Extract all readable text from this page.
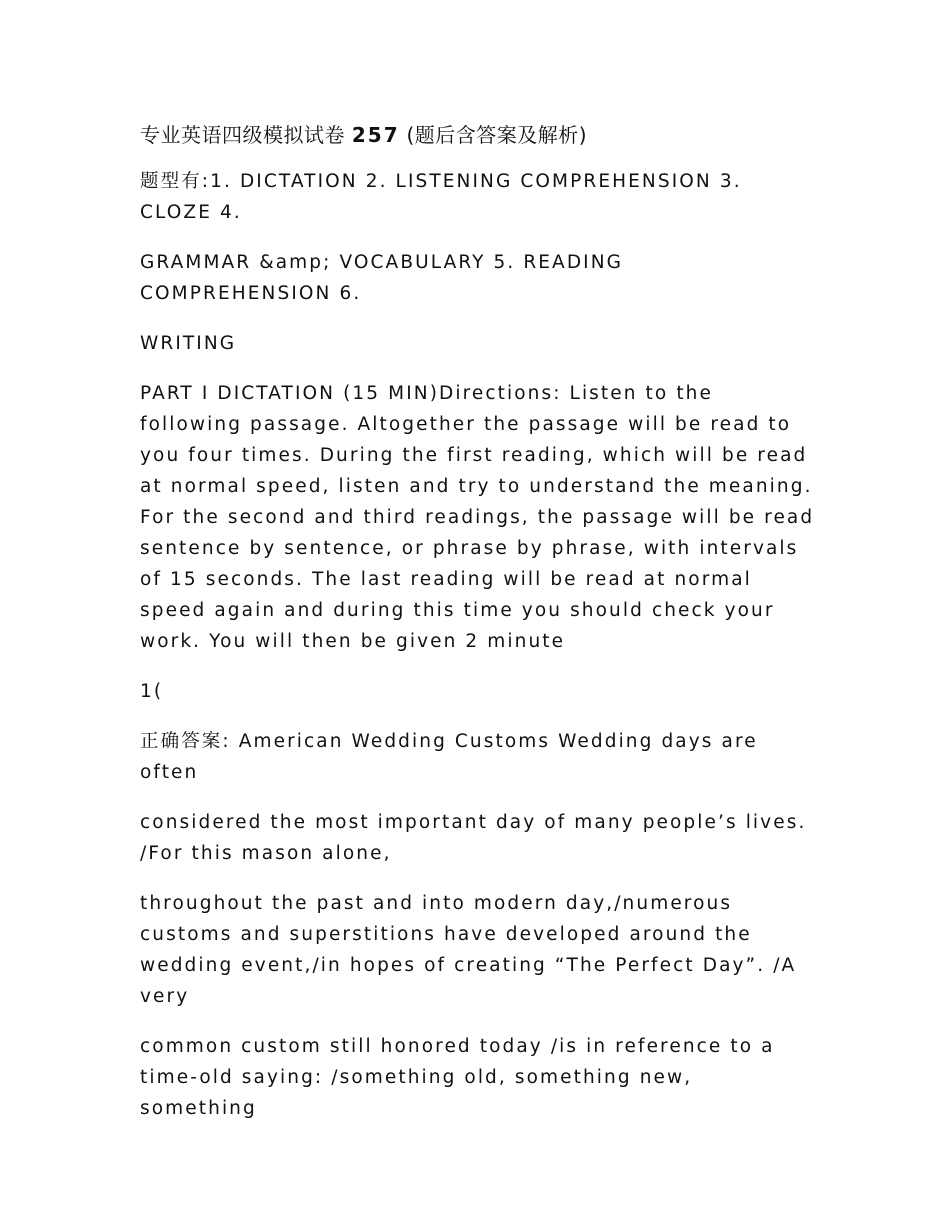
专业英语四级模拟试卷 257 (题后含答案及解析)

题型有:1. DICTATION 2. LISTENING COMPREHENSION 3. CLOZE 4.

GRAMMAR &amp; VOCABULARY 5. READING COMPREHENSION 6.

WRITING

PART I DICTATION (15 MIN)Directions: Listen to the following passage. Altogether the passage will be read to you four times. During the first reading, which will be read at normal speed, listen and try to understand the meaning. For the second and third readings, the passage will be read sentence by sentence, or phrase by phrase, with intervals of 15 seconds. The last reading will be read at normal speed again and during this time you should check your work. You will then be given 2 minute

1(

正确答案: American Wedding Customs Wedding days are often

considered the most important day of many people’s lives. /For this mason alone,

throughout the past and into modern day,/numerous customs and superstitions have developed around the wedding event,/in hopes of creating “The Perfect Day”. /A very

common custom still honored today /is in reference to a time-old saying: /something old, something new, something
